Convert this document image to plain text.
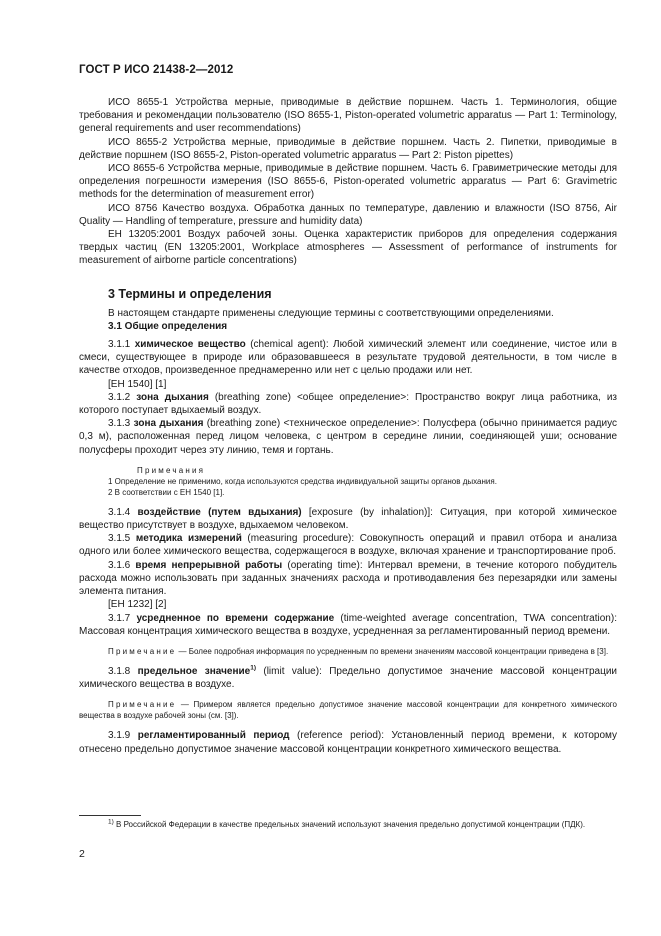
ГОСТ Р ИСО 21438-2—2012

ИСО 8655-1 Устройства мерные, приводимые в действие поршнем. Часть 1. Терминология, общие требования и рекомендации пользователю (ISO 8655-1, Piston-operated volumetric apparatus — Part 1: Terminology, general requirements and user recommendations)

ИСО 8655-2 Устройства мерные, приводимые в действие поршнем. Часть 2. Пипетки, приводимые в действие поршнем (ISO 8655-2, Piston-operated volumetric apparatus — Part 2: Piston pipettes)

ИСО 8655-6 Устройства мерные, приводимые в действие поршнем. Часть 6. Гравиметрические методы для определения погрешности измерения (ISO 8655-6, Piston-operated volumetric apparatus — Part 6: Gravimetric methods for the determination of measurement error)

ИСО 8756 Качество воздуха. Обработка данных по температуре, давлению и влажности (ISO 8756, Air Quality — Handling of temperature, pressure and humidity data)

ЕН 13205:2001 Воздух рабочей зоны. Оценка характеристик приборов для определения содержания твердых частиц (EN 13205:2001, Workplace atmospheres — Assessment of performance of instruments for measurement of airborne particle concentrations)

3 Термины и определения

В настоящем стандарте применены следующие термины с соответствующими определениями.

3.1 Общие определения

3.1.1 химическое вещество (chemical agent): Любой химический элемент или соединение, чистое или в смеси, существующее в природе или образовавшееся в результате трудовой деятельности, в том числе в качестве отходов, произведенное преднамеренно или нет с целью продажи или нет.

[ЕН 1540] [1]

3.1.2 зона дыхания (breathing zone) <общее определение>: Пространство вокруг лица работника, из которого поступает вдыхаемый воздух.

3.1.3 зона дыхания (breathing zone) <техническое определение>: Полусфера (обычно принимается радиус 0,3 м), расположенная перед лицом человека, с центром в середине линии, соединяющей уши; основание полусферы проходит через эту линию, темя и гортань.

Примечания

1 Определение не применимо, когда используются средства индивидуальной защиты органов дыхания.

2 В соответствии с ЕН 1540 [1].

3.1.4 воздействие (путем вдыхания) [exposure (by inhalation)]: Ситуация, при которой химическое вещество присутствует в воздухе, вдыхаемом человеком.

3.1.5 методика измерений (measuring procedure): Совокупность операций и правил отбора и анализа одного или более химического вещества, содержащегося в воздухе, включая хранение и транспортирование проб.

3.1.6 время непрерывной работы (operating time): Интервал времени, в течение которого побудитель расхода можно использовать при заданных значениях расхода и противодавления без перезарядки или замены элемента питания.

[ЕН 1232] [2]

3.1.7 усредненное по времени содержание (time-weighted average concentration, TWA concentration): Массовая концентрация химического вещества в воздухе, усредненная за регламентированный период времени.

Примечание — Более подробная информация по усредненным по времени значениям массовой концентрации приведена в [3].

3.1.8 предельное значение$^{1)}$ (limit value): Предельно допустимое значение массовой концентрации химического вещества в воздухе.

Примечание — Примером является предельно допустимое значение массовой концентрации для конкретного химического вещества в воздухе рабочей зоны (см. [3]).

3.1.9 регламентированный период (reference period): Установленный период времени, к которому отнесено предельно допустимое значение массовой концентрации конкретного химического вещества.

$^{1)}$ В Российской Федерации в качестве предельных значений используют значения предельно допустимой концентрации (ПДК).

2
